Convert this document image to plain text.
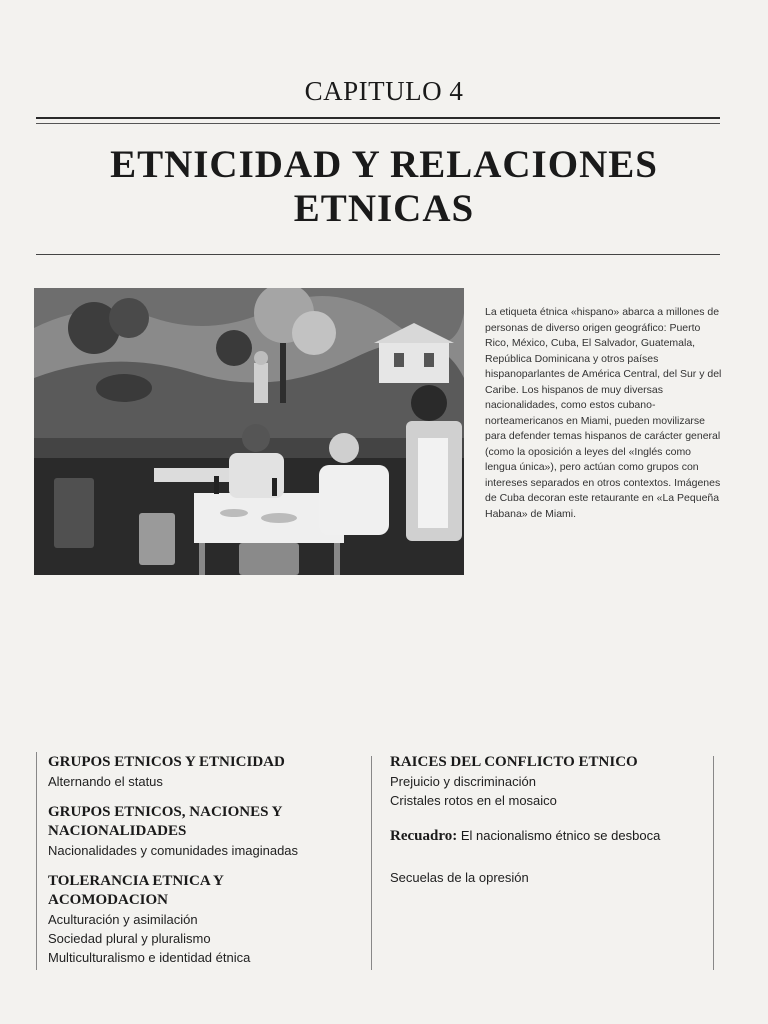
CAPITULO 4
ETNICIDAD Y RELACIONES
ETNICAS
La etiqueta étnica «hispano» abarca a millones de personas de diverso origen geográfico: Puerto Rico, México, Cuba, El Salvador, Guatemala, República Dominicana y otros países hispanoparlantes de América Central, del Sur y del Caribe. Los hispanos de muy diversas nacionalidades, como estos cubano-norteamericanos en Miami, pueden movilizarse para defender temas hispanos de carácter general (como la oposición a leyes del «Inglés como lengua única»), pero actúan como grupos con intereses separados en otros contextos. Imágenes de Cuba decoran este retaurante en «La Pequeña Habana» de Miami.

GRUPOS ETNICOS Y ETNICIDAD

Alternando el status

GRUPOS ETNICOS, NACIONES Y NACIONALIDADES

Nacionalidades y comunidades imaginadas

TOLERANCIA ETNICA Y ACOMODACION

Aculturación y asimilación

Sociedad plural y pluralismo

Multiculturalismo e identidad étnica

RAICES DEL CONFLICTO ETNICO

Prejuicio y discriminación

Cristales rotos en el mosaico

Recuadro: El nacionalismo étnico se desboca

Secuelas de la opresión
